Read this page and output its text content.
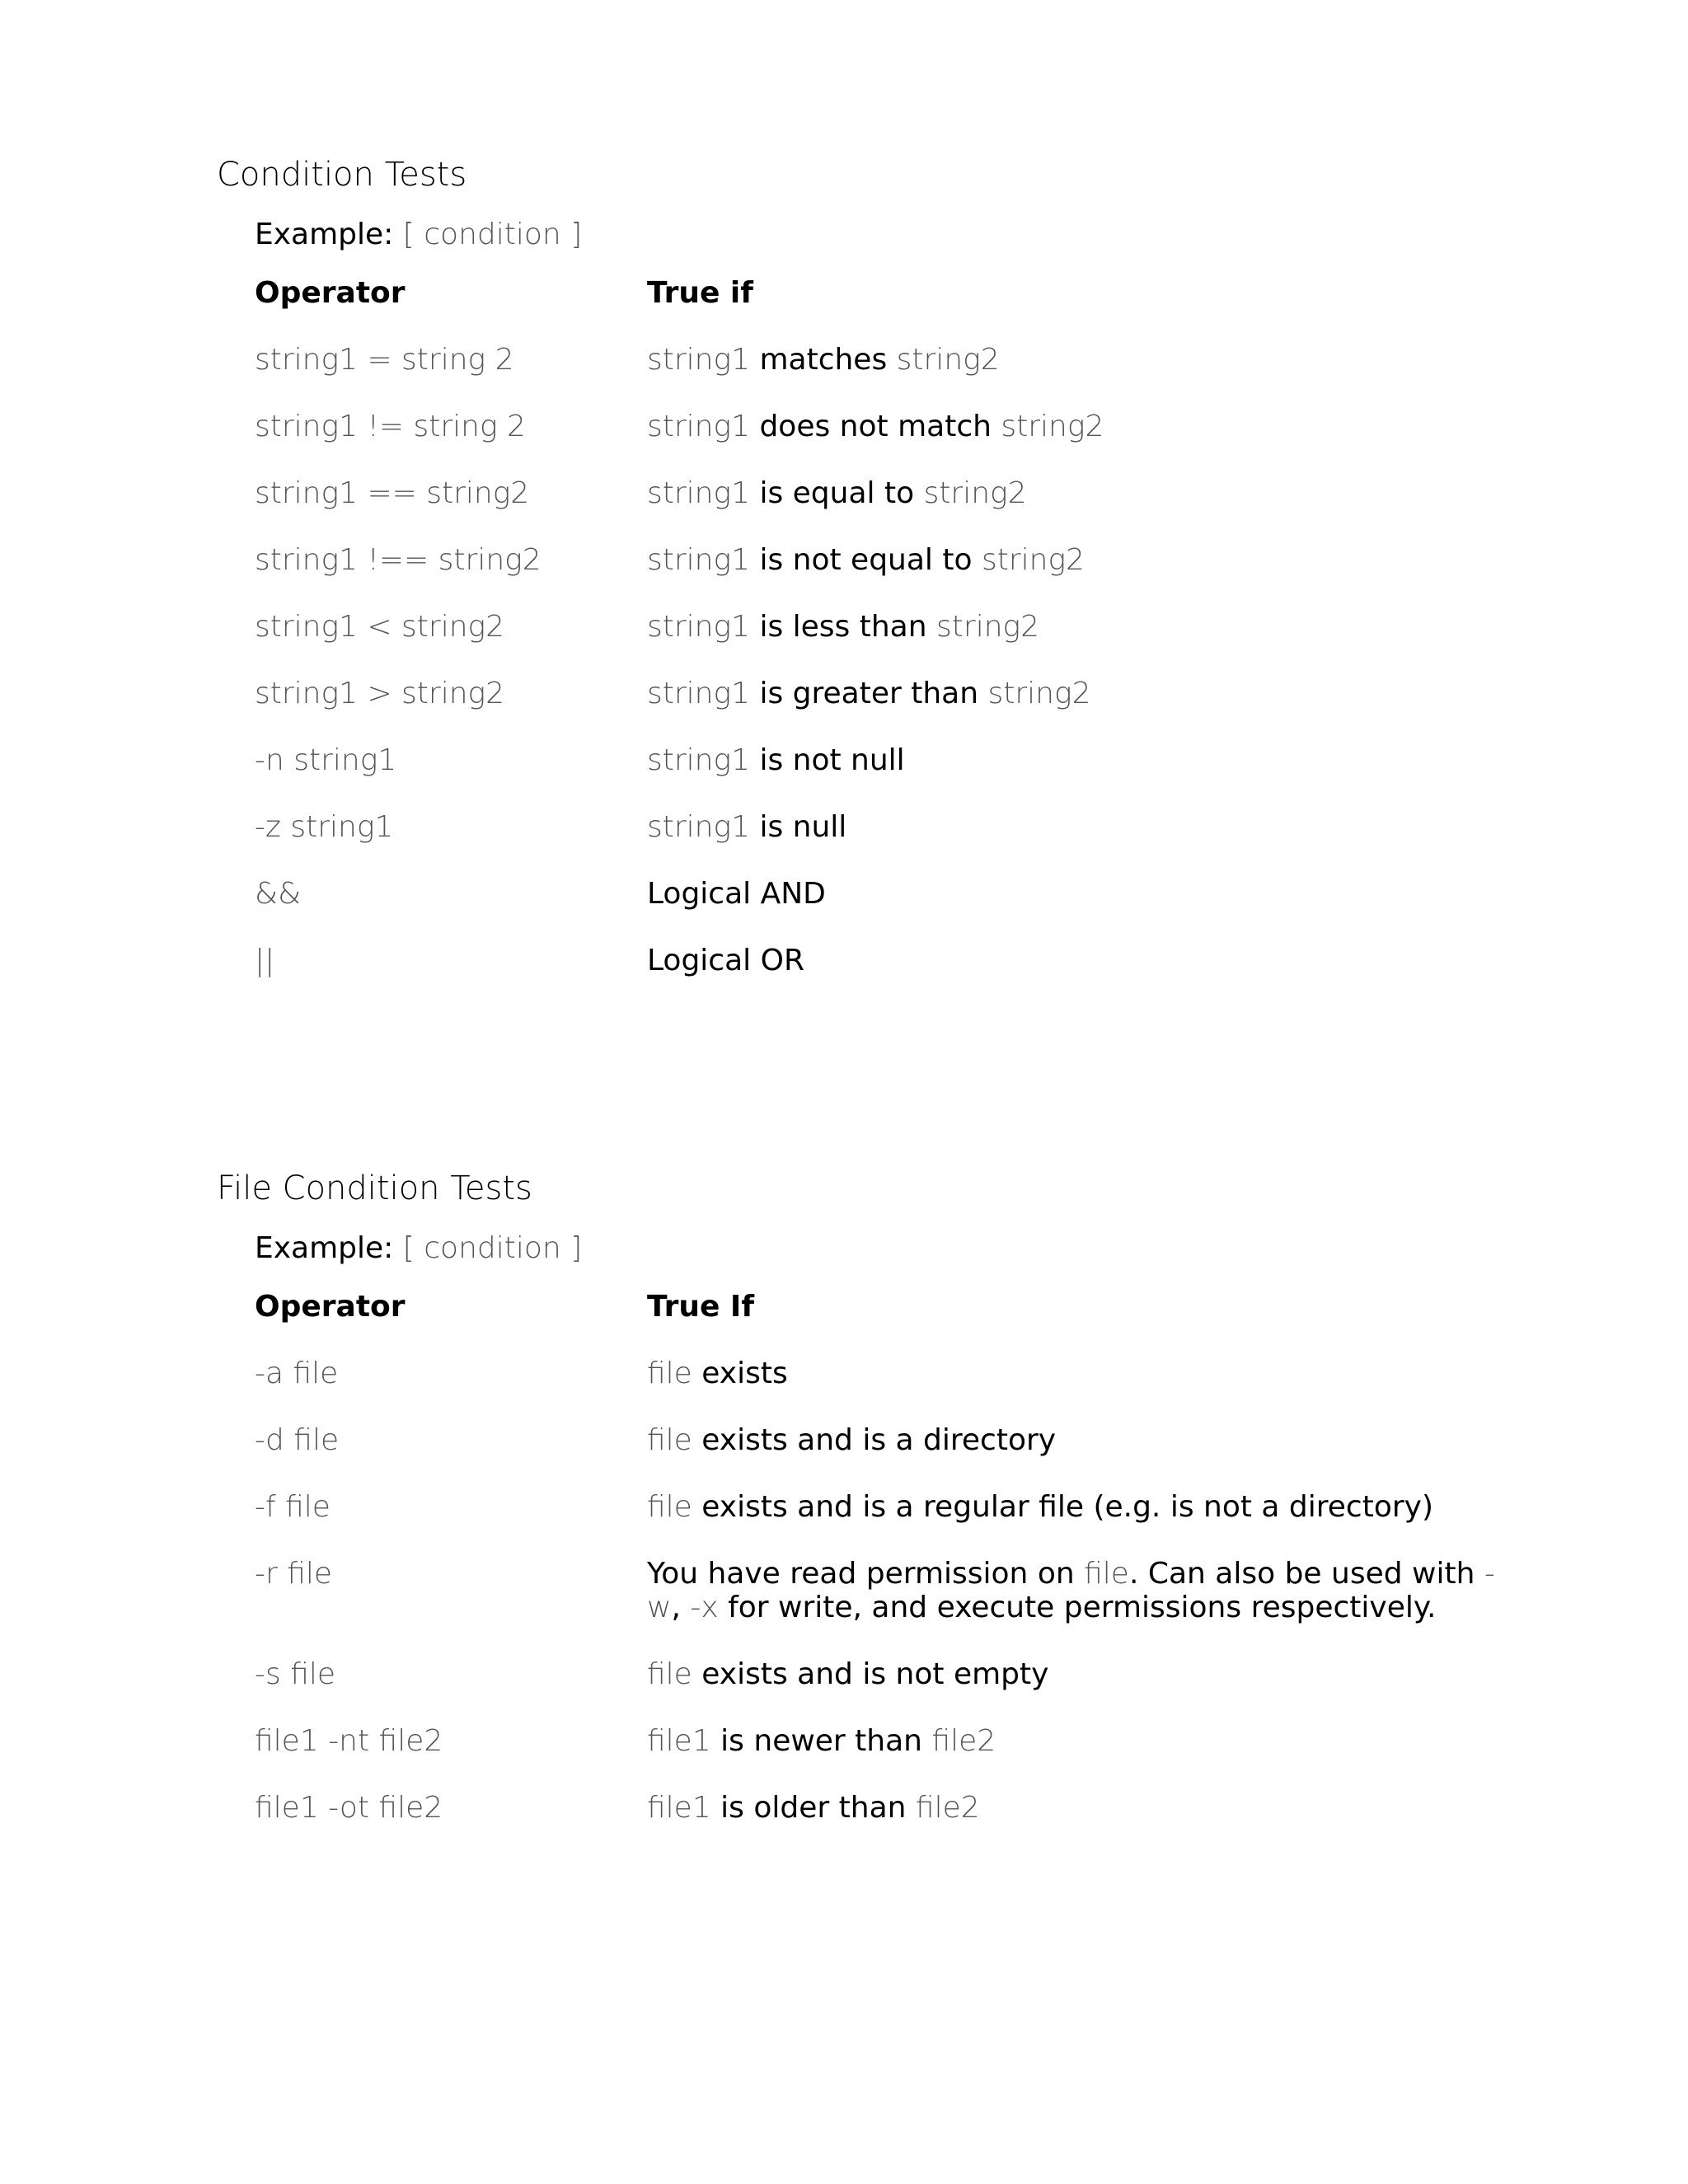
Condition Tests
Example: [ condition ]
Operator	True if
string1 = string 2	string1 matches string2
string1 != string 2	string1 does not match string2
string1 == string2	string1 is equal to string2
string1 !== string2	string1 is not equal to string2
string1 < string2	string1 is less than string2
string1 > string2	string1 is greater than string2
-n string1	string1 is not null
-z string1	string1 is null
&&	Logical AND
||	Logical OR
File Condition Tests
Example: [ condition ]
Operator	True If
-a file	file exists
-d file	file exists and is a directory
-f file	file exists and is a regular file (e.g. is not a directory)
-r file	You have read permission on file. Can also be used with -w, -x for write, and execute permissions respectively.
-s file	file exists and is not empty
file1 -nt file2	file1 is newer than file2
file1 -ot file2	file1 is older than file2
